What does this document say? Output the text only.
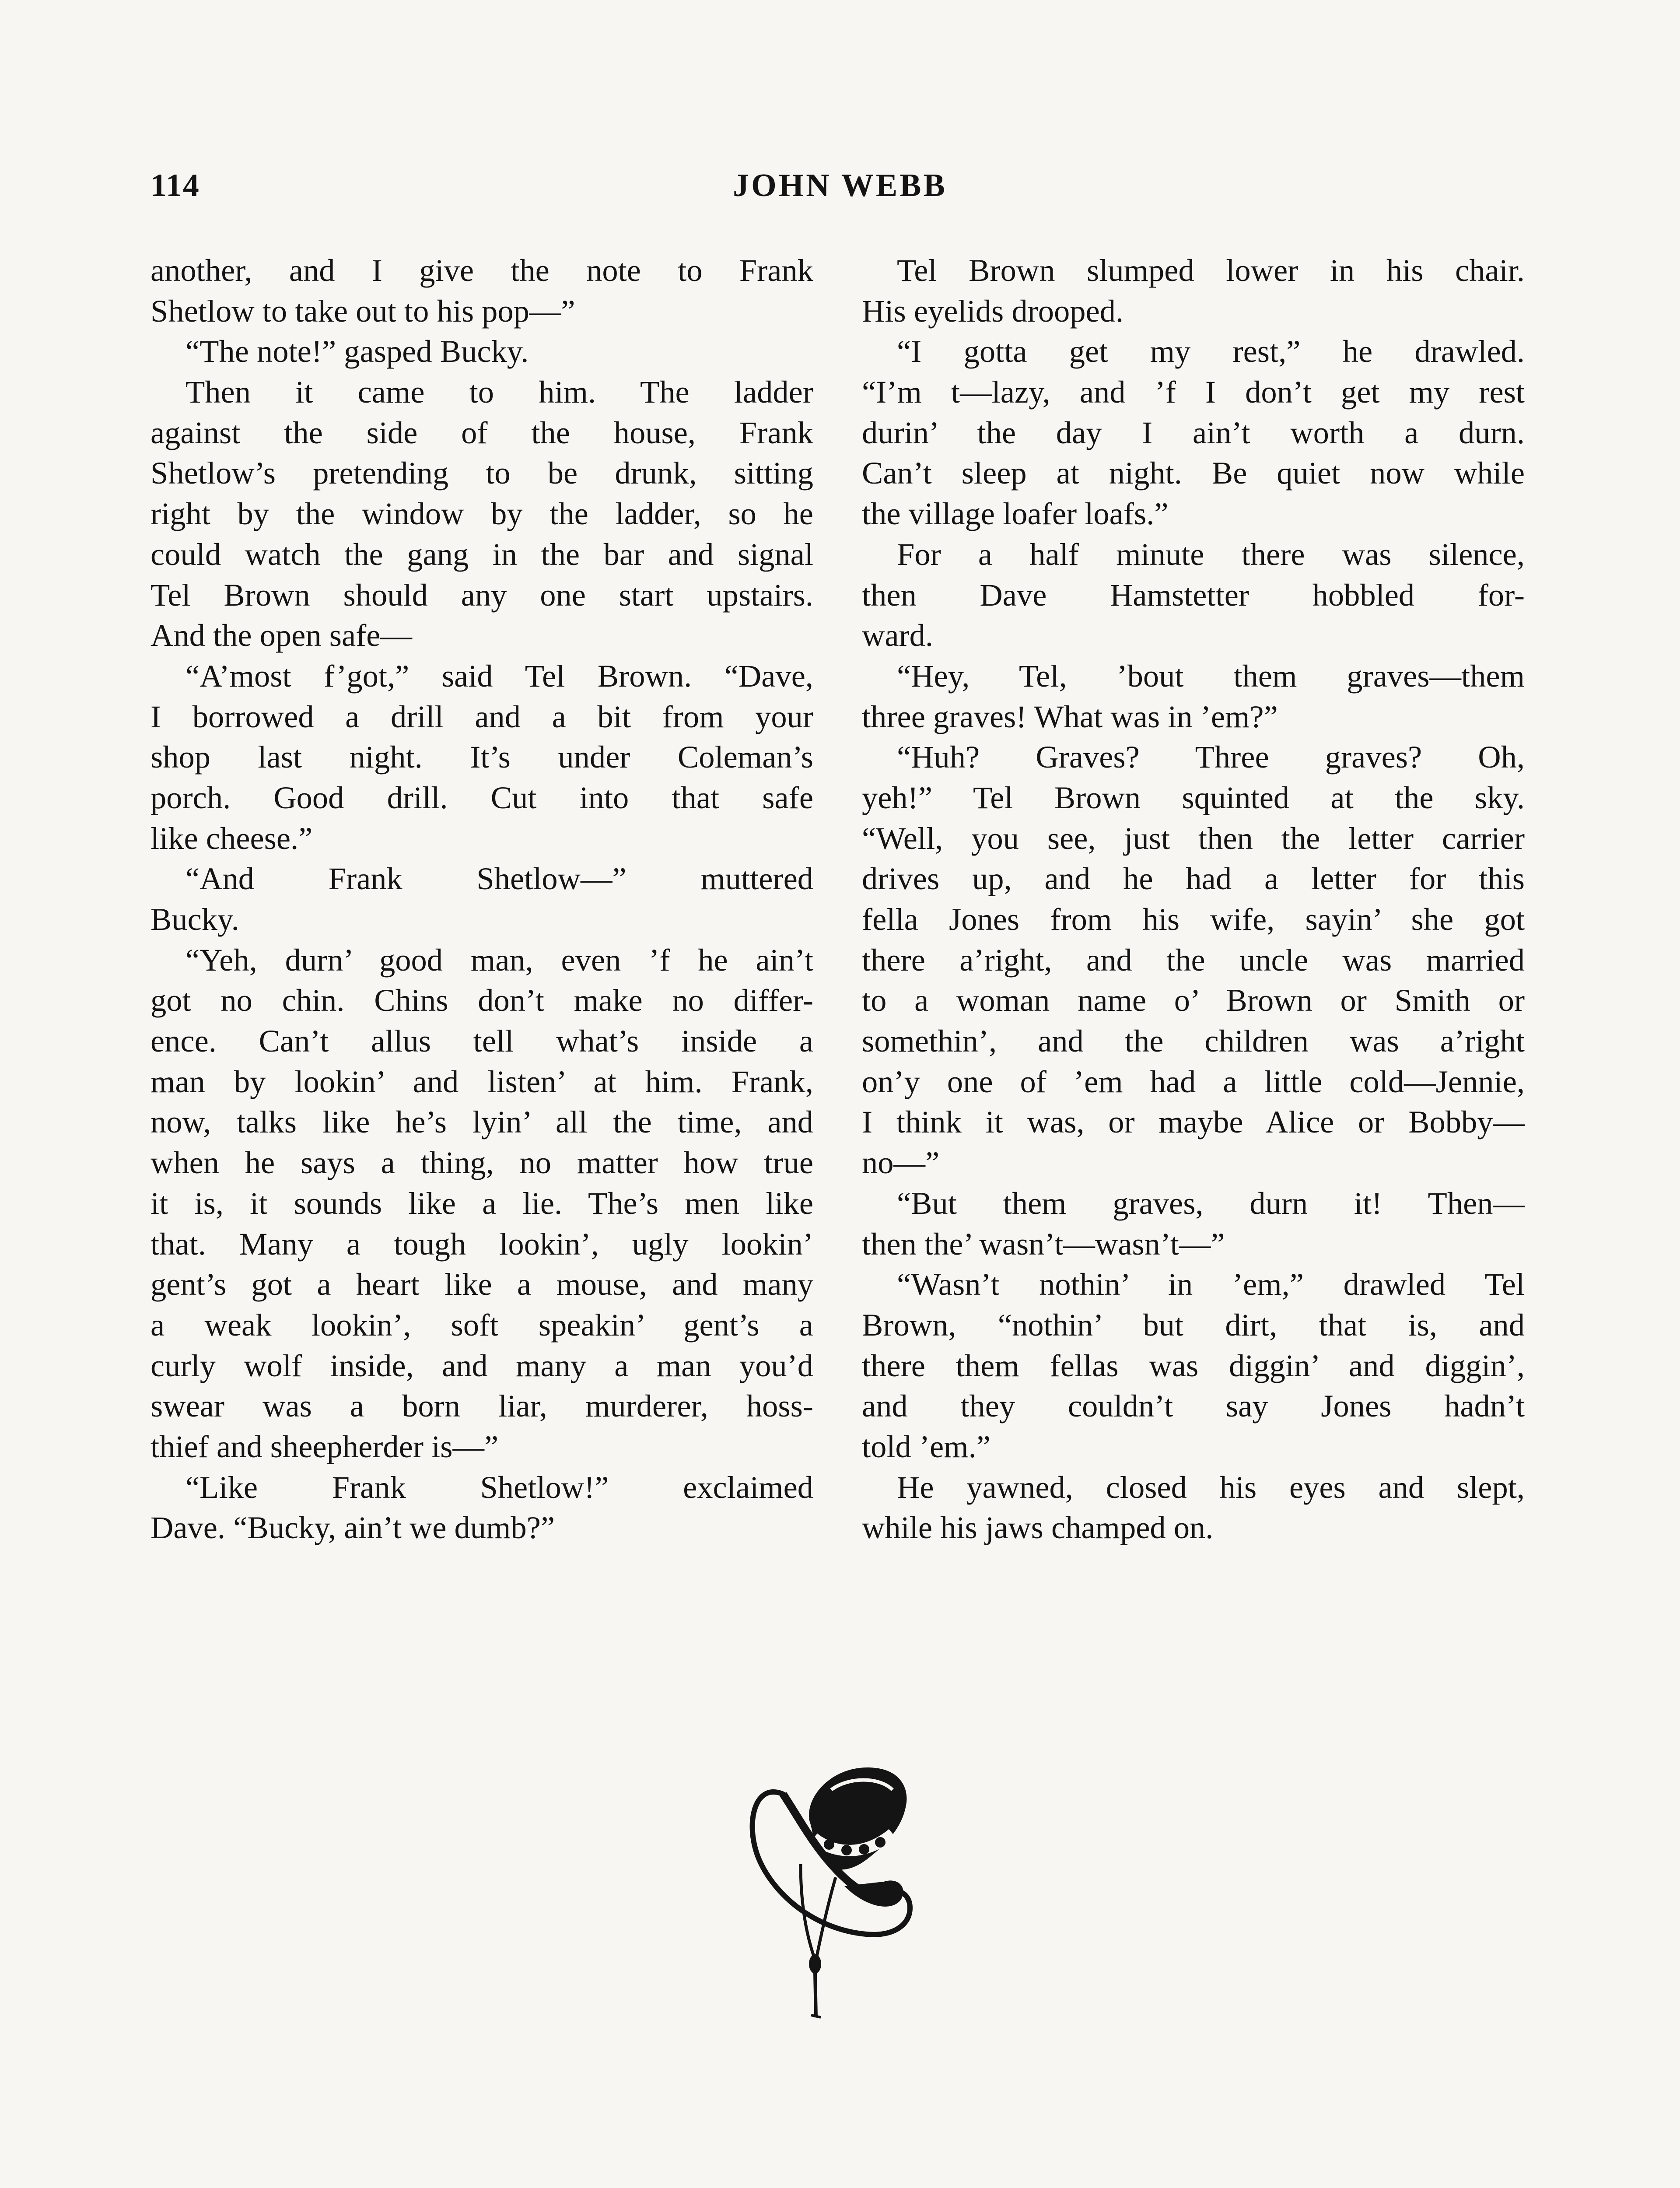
114	JOHN WEBB
another, and I give the note to Frank
Shetlow to take out to his pop—”
“The note!” gasped Bucky.
Then it came to him. The ladder
against the side of the house, Frank
Shetlow’s pretending to be drunk, sitting
right by the window by the ladder, so he
could watch the gang in the bar and signal
Tel Brown should any one start upstairs.
And the open safe—
“A’most f’got,” said Tel Brown. “Dave,
I borrowed a drill and a bit from your
shop last night. It’s under Coleman’s
porch. Good drill. Cut into that safe
like cheese.”
“And Frank Shetlow—” muttered
Bucky.
“Yeh, durn’ good man, even ’f he ain’t
got no chin. Chins don’t make no differ-
ence. Can’t allus tell what’s inside a
man by lookin’ and listen’ at him. Frank,
now, talks like he’s lyin’ all the time, and
when he says a thing, no matter how true
it is, it sounds like a lie. The’s men like
that. Many a tough lookin’, ugly lookin’
gent’s got a heart like a mouse, and many
a weak lookin’, soft speakin’ gent’s a
curly wolf inside, and many a man you’d
swear was a born liar, murderer, hoss-
thief and sheepherder is—”
“Like Frank Shetlow!” exclaimed
Dave. “Bucky, ain’t we dumb?”
Tel Brown slumped lower in his chair.
His eyelids drooped.
“I gotta get my rest,” he drawled.
“I’m t—lazy, and ’f I don’t get my rest
durin’ the day I ain’t worth a durn.
Can’t sleep at night. Be quiet now while
the village loafer loafs.”
For a half minute there was silence,
then Dave Hamstetter hobbled for-
ward.
“Hey, Tel, ’bout them graves—them
three graves! What was in ’em?”
“Huh? Graves? Three graves? Oh,
yeh!” Tel Brown squinted at the sky.
“Well, you see, just then the letter carrier
drives up, and he had a letter for this
fella Jones from his wife, sayin’ she got
there a’right, and the uncle was married
to a woman name o’ Brown or Smith or
somethin’, and the children was a’right
on’y one of ’em had a little cold—Jennie,
I think it was, or maybe Alice or Bobby—
no—”
“But them graves, durn it! Then—
then the’ wasn’t—wasn’t—”
“Wasn’t nothin’ in ’em,” drawled Tel
Brown, “nothin’ but dirt, that is, and
there them fellas was diggin’ and diggin’,
and they couldn’t say Jones hadn’t
told ’em.”
He yawned, closed his eyes and slept,
while his jaws champed on.
